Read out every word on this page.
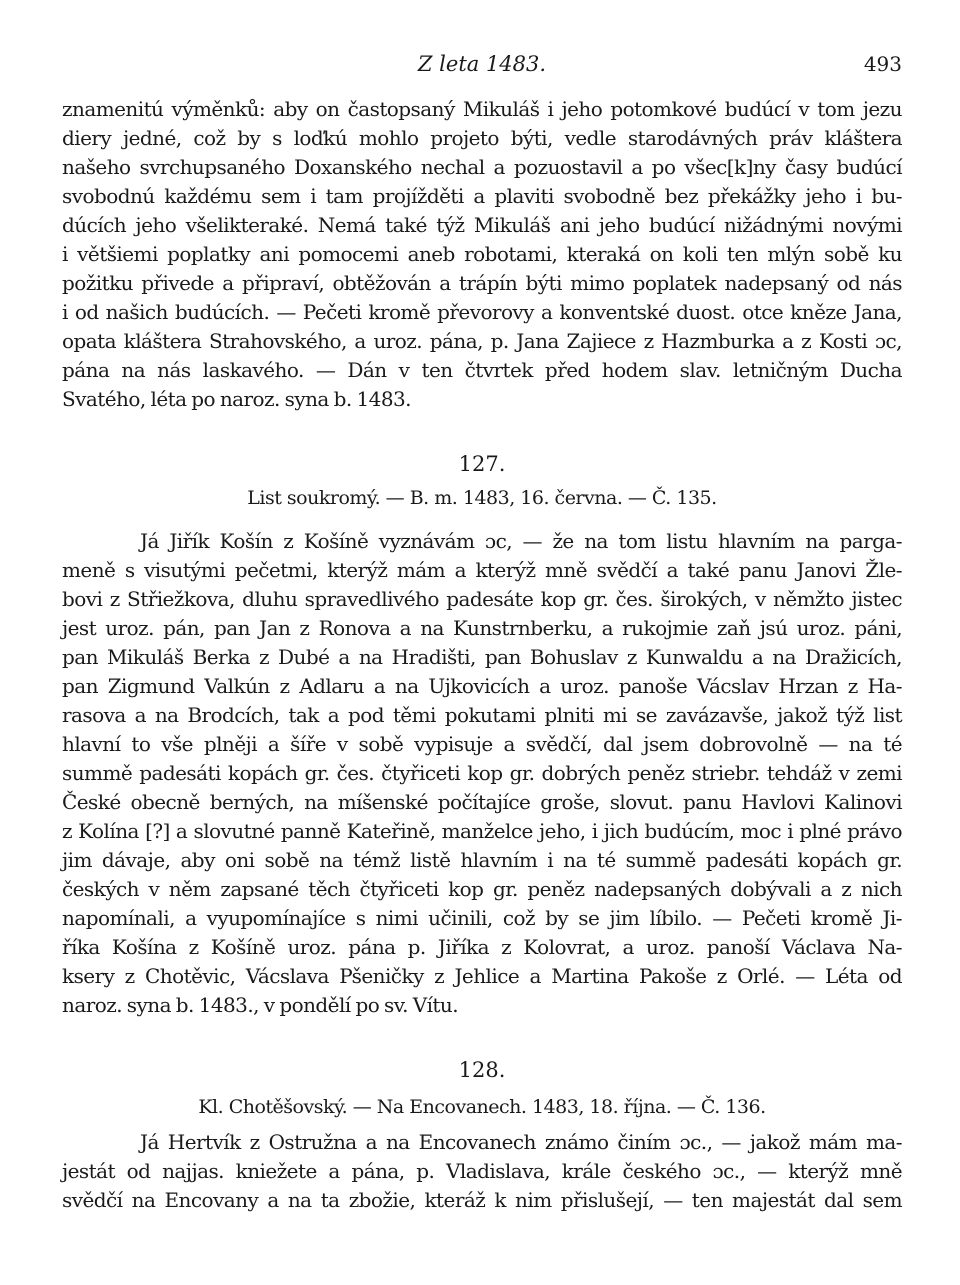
Z leta 1483.	493
znamenitú výměnků: aby on častopsaný Mikuláš i jeho potomkové budúcí v tom jezu
diery jedné, což by s loďkú mohlo projeto býti, vedle starodávných práv kláštera
našeho svrchupsaného Doxanského nechal a pozuostavil a po všec[k]ny časy budúcí
svobodnú každému sem i tam projížděti a plaviti svobodně bez překážky jeho i bu-
dúcích jeho všelikteraké. Nemá také týž Mikuláš ani jeho budúcí nižádnými novými
i většiemi poplatky ani pomocemi aneb robotami, kteraká on koli ten mlýn sobě ku
požitku přivede a připraví, obtěžován a trápín býti mimo poplatek nadepsaný od nás
i od našich budúcích. — Pečeti kromě převorovy a konventské duost. otce kněze Jana,
opata kláštera Strahovského, a uroz. pána, p. Jana Zajiece z Hazmburka a z Kosti ɔc,
pána na nás laskavého. — Dán v ten čtvrtek před hodem slav. letničným Ducha
Svatého, léta po naroz. syna b. 1483.
127.
List soukromý. — B. m. 1483, 16. června. — Č. 135.
Já Jiřík Košín z Košíně vyznávám ɔc, — že na tom listu hlavním na parga-
meně s visutými pečetmi, kterýž mám a kterýž mně svědčí a také panu Janovi Žle-
bovi z Střiežkova, dluhu spravedlivého padesáte kop gr. čes. širokých, v němžto jistec
jest uroz. pán, pan Jan z Ronova a na Kunstrnberku, a rukojmie zaň jsú uroz. páni,
pan Mikuláš Berka z Dubé a na Hradišti, pan Bohuslav z Kunwaldu a na Dražicích,
pan Zigmund Valkún z Adlaru a na Ujkovicích a uroz. panoše Vácslav Hrzan z Ha-
rasova a na Brodcích, tak a pod těmi pokutami plniti mi se zavázavše, jakož týž list
hlavní to vše plněji a šíře v sobě vypisuje a svědčí, dal jsem dobrovolně — na té
summě padesáti kopách gr. čes. čtyřiceti kop gr. dobrých peněz striebr. tehdáž v zemi
České obecně berných, na míšenské počítajíce groše, slovut. panu Havlovi Kalinovi
z Kolína [?] a slovutné panně Kateřině, manželce jeho, i jich budúcím, moc i plné právo
jim dávaje, aby oni sobě na témž listě hlavním i na té summě padesáti kopách gr.
českých v něm zapsané těch čtyřiceti kop gr. peněz nadepsaných dobývali a z nich
napomínali, a vyupomínajíce s nimi učinili, což by se jim líbilo. — Pečeti kromě Ji-
říka Košína z Košíně uroz. pána p. Jiříka z Kolovrat, a uroz. panoší Václava Na-
ksery z Chotěvic, Vácslava Pšeničky z Jehlice a Martina Pakoše z Orlé. — Léta od
naroz. syna b. 1483., v pondělí po sv. Vítu.
128.
Kl. Chotěšovský. — Na Encovanech. 1483, 18. října. — Č. 136.
Já Hertvík z Ostružna a na Encovanech známo činím ɔc., — jakož mám ma-
jestát od najjas. kniežete a pána, p. Vladislava, krále českého ɔc., — kterýž mně
svědčí na Encovany a na ta zbožie, kteráž k nim přislušejí, — ten majestát dal sem
